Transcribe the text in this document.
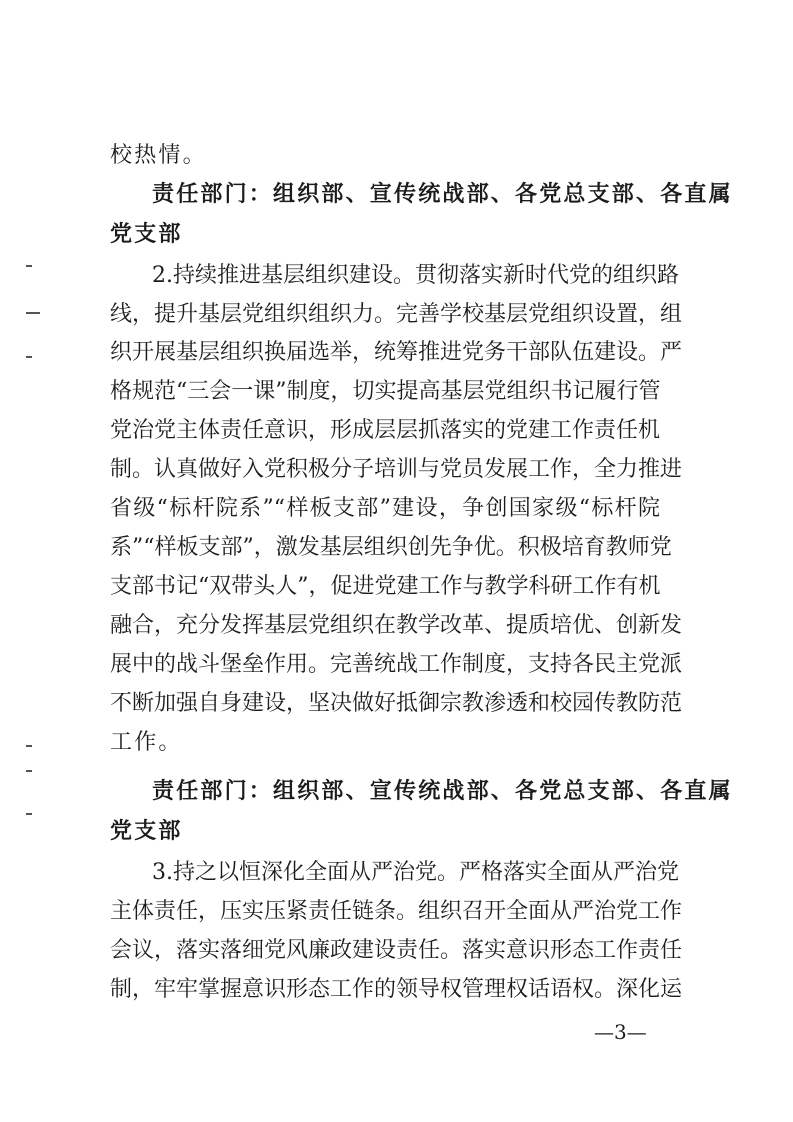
校热情。
责任部门：组织部、宣传统战部、各党总支部、各直属
党支部
2.持续推进基层组织建设。贯彻落实新时代党的组织路
线，提升基层党组织组织力。完善学校基层党组织设置，组
织开展基层组织换届选举，统筹推进党务干部队伍建设。严
格规范“三会一课”制度，切实提高基层党组织书记履行管
党治党主体责任意识，形成层层抓落实的党建工作责任机
制。认真做好入党积极分子培训与党员发展工作，全力推进
省级“标杆院系”“样板支部”建设，争创国家级“标杆院
系”“样板支部”，激发基层组织创先争优。积极培育教师党
支部书记“双带头人”，促进党建工作与教学科研工作有机
融合，充分发挥基层党组织在教学改革、提质培优、创新发
展中的战斗堡垒作用。完善统战工作制度，支持各民主党派
不断加强自身建设，坚决做好抵御宗教渗透和校园传教防范
工作。
责任部门：组织部、宣传统战部、各党总支部、各直属
党支部
3.持之以恒深化全面从严治党。严格落实全面从严治党
主体责任，压实压紧责任链条。组织召开全面从严治党工作
会议，落实落细党风廉政建设责任。落实意识形态工作责任
制，牢牢掌握意识形态工作的领导权管理权话语权。深化运
—3—
